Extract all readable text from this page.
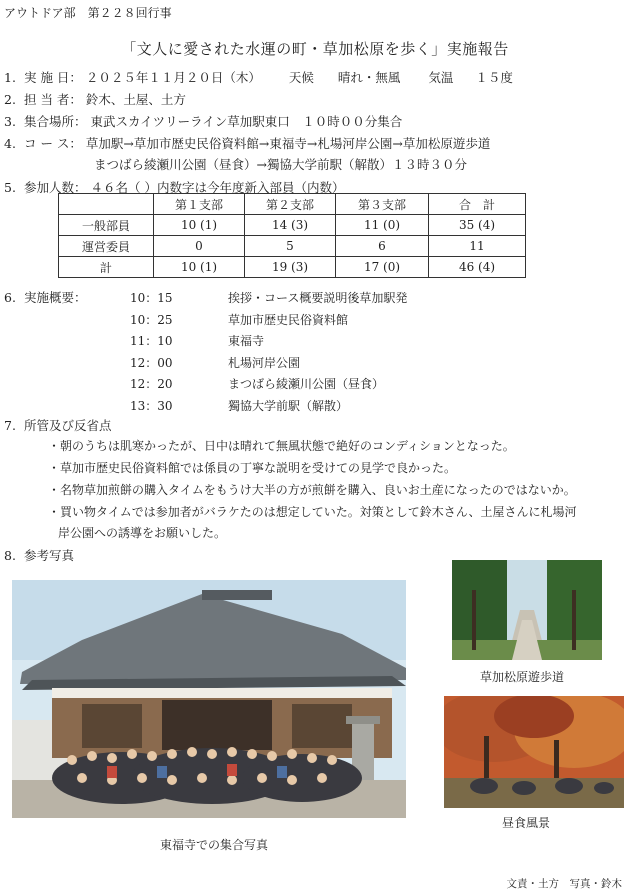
アウトドア部　第２２８回行事
「文人に愛された水運の町・草加松原を歩く」実施報告
1. 実 施 日： ２０２５年１１月２０日（木） 天候 晴れ・無風 気温 １５度
2. 担 当 者： 鈴木、土屋、土方
3. 集合場所： 東武スカイツリーライン草加駅東口　１０時００分集合
4. コ ー ス： 草加駅→草加市歴史民俗資料館→東福寺→札場河岸公園→草加松原遊歩道
まつばら綾瀬川公園（昼食）→獨協大学前駅（解散）１３時３０分
5. 参加人数： ４６名（ ）内数字は今年度新入部員（内数）
	第１支部	第２支部	第３支部	合　計
一般部員	10 (1)	14 (3)	11 (0)	35 (4)
運営委員	0	5	6	11
計	10 (1)	19 (3)	17 (0)	46 (4)
6. 実施概要：	10：15	挨拶・コース概要説明後草加駅発
10：25	草加市歴史民俗資料館
11：10	東福寺
12：00	札場河岸公園
12：20	まつばら綾瀬川公園（昼食）
13：30	獨協大学前駅（解散）
7. 所管及び反省点
・朝のうちは肌寒かったが、日中は晴れて無風状態で絶好のコンディションとなった。
・草加市歴史民俗資料館では係員の丁寧な説明を受けての見学で良かった。
・名物草加煎餅の購入タイムをもうけ大半の方が煎餅を購入、良いお土産になったのではないか。
・買い物タイムでは参加者がバラケたのは想定していた。対策として鈴木さん、土屋さんに札場河
岸公園への誘導をお願いした。
8. 参考写真
東福寺での集合写真
草加松原遊歩道
昼食風景
文責・土方　写真・鈴木
